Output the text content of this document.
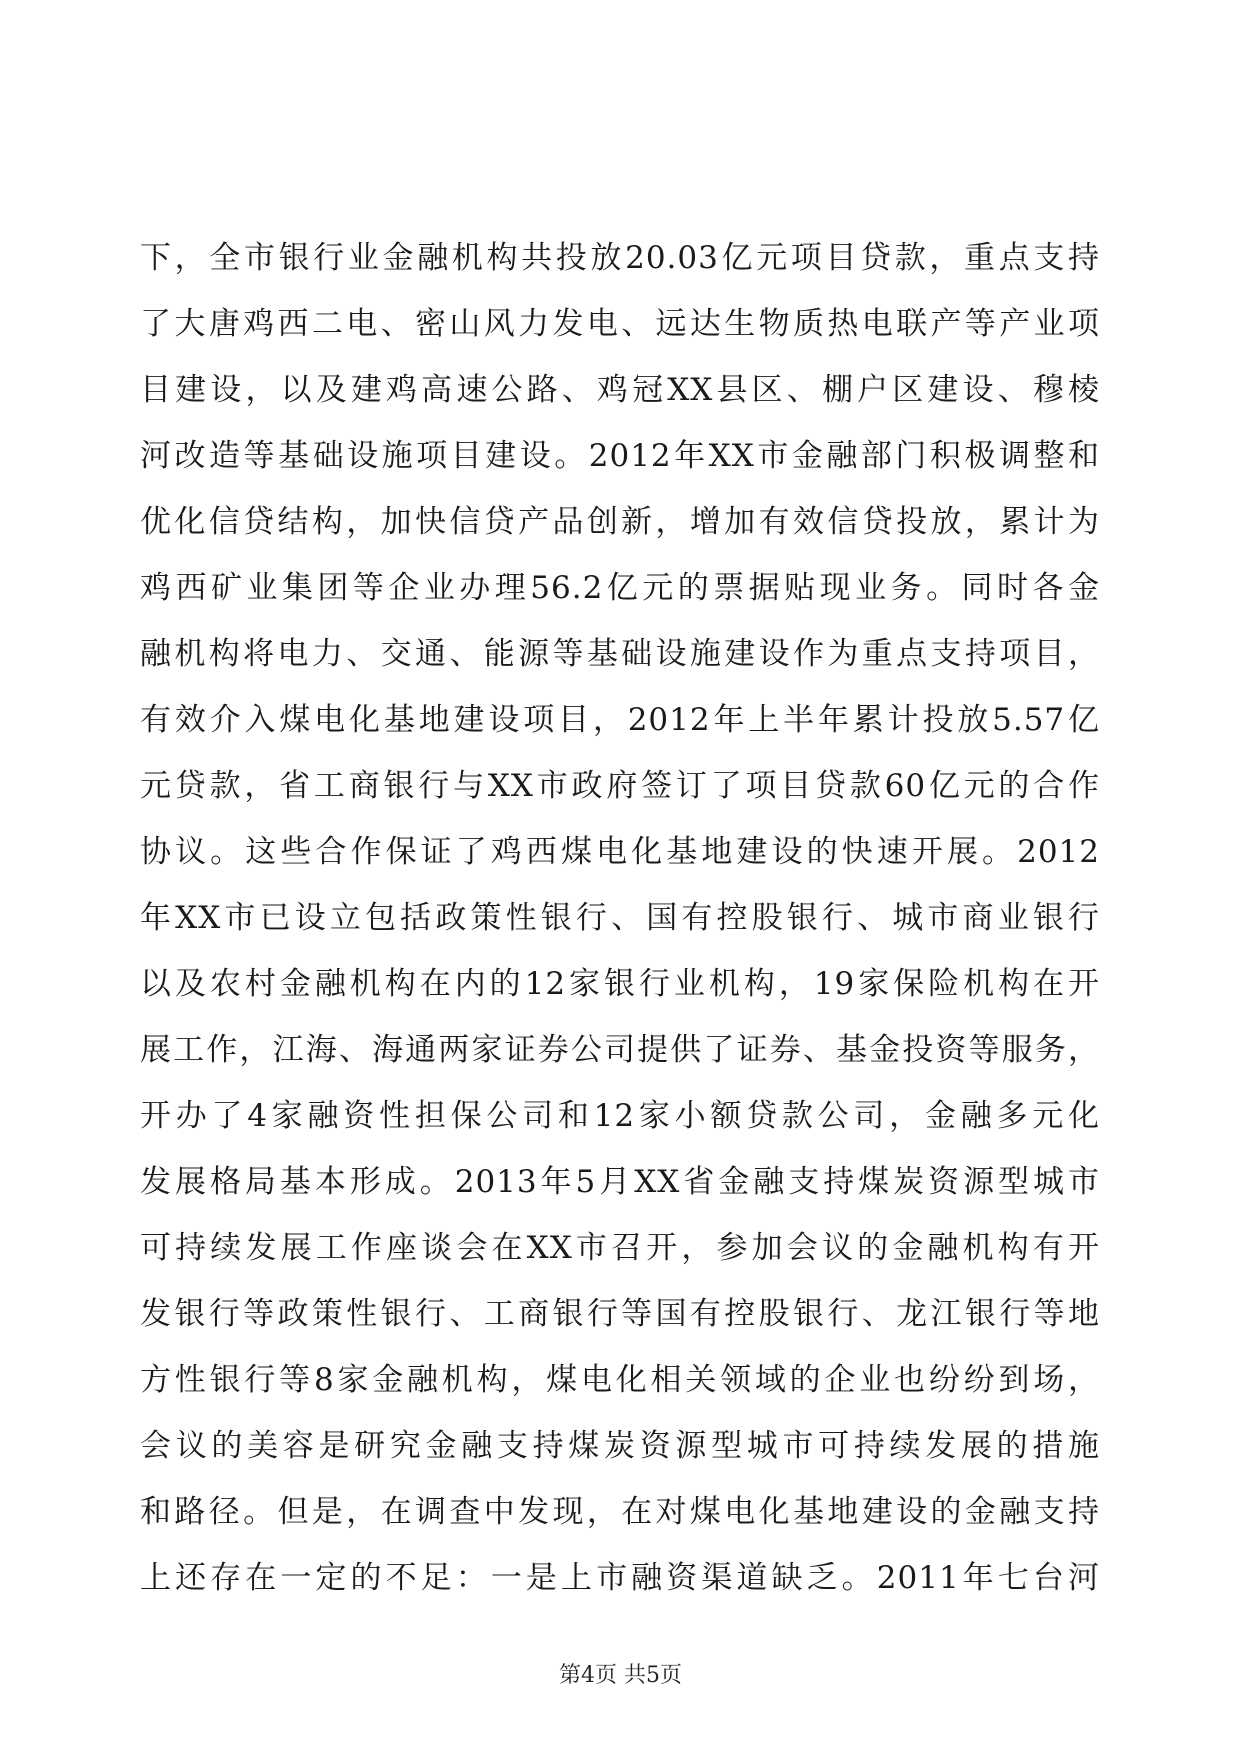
下，全市银行业金融机构共投放20.03亿元项目贷款，重点支持
了大唐鸡西二电、密山风力发电、远达生物质热电联产等产业项
目建设，以及建鸡高速公路、鸡冠XX县区、棚户区建设、穆棱
河改造等基础设施项目建设。2012年XX市金融部门积极调整和
优化信贷结构，加快信贷产品创新，增加有效信贷投放，累计为
鸡西矿业集团等企业办理56.2亿元的票据贴现业务。同时各金
融机构将电力、交通、能源等基础设施建设作为重点支持项目，
有效介入煤电化基地建设项目，2012年上半年累计投放5.57亿
元贷款，省工商银行与XX市政府签订了项目贷款60亿元的合作
协议。这些合作保证了鸡西煤电化基地建设的快速开展。2012
年XX市已设立包括政策性银行、国有控股银行、城市商业银行
以及农村金融机构在内的12家银行业机构，19家保险机构在开
展工作，江海、海通两家证券公司提供了证券、基金投资等服务，
开办了4家融资性担保公司和12家小额贷款公司，金融多元化
发展格局基本形成。2013年5月XX省金融支持煤炭资源型城市
可持续发展工作座谈会在XX市召开，参加会议的金融机构有开
发银行等政策性银行、工商银行等国有控股银行、龙江银行等地
方性银行等8家金融机构，煤电化相关领域的企业也纷纷到场，
会议的美容是研究金融支持煤炭资源型城市可持续发展的措施
和路径。但是，在调查中发现，在对煤电化基地建设的金融支持
上还存在一定的不足：一是上市融资渠道缺乏。2011年七台河
第4页 共5页
